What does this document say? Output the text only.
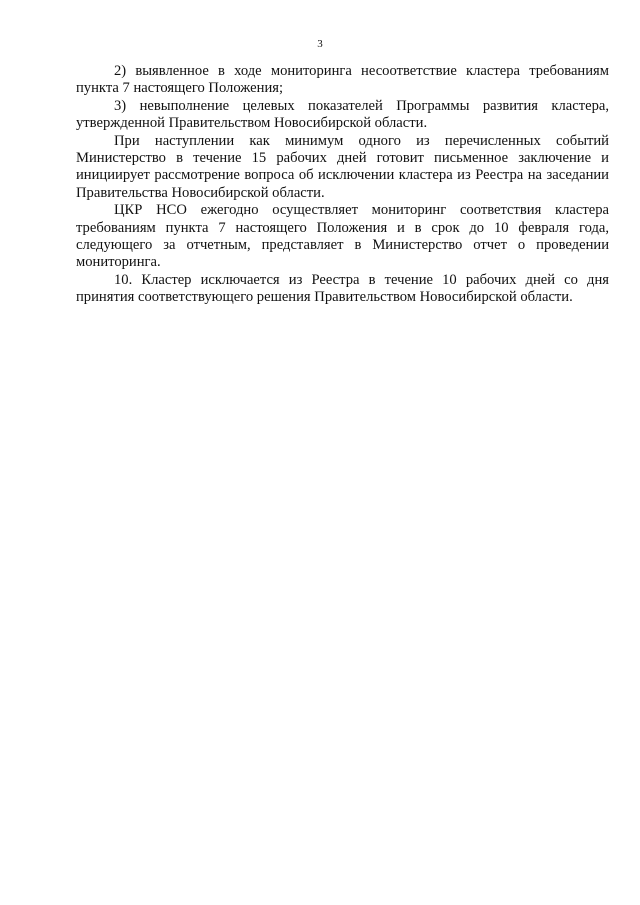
3

2) выявленное в ходе мониторинга несоответствие кластера требованиям пункта 7 настоящего Положения;

3) невыполнение целевых показателей Программы развития кластера, утвержденной Правительством Новосибирской области.

При наступлении как минимум одного из перечисленных событий Министерство в течение 15 рабочих дней готовит письменное заключение и инициирует рассмотрение вопроса об исключении кластера из Реестра на заседании Правительства Новосибирской области.

ЦКР НСО ежегодно осуществляет мониторинг соответствия кластера требованиям пункта 7 настоящего Положения и в срок до 10 февраля года, следующего за отчетным, представляет в Министерство отчет о проведении мониторинга.

10. Кластер исключается из Реестра в течение 10 рабочих дней со дня принятия соответствующего решения Правительством Новосибирской области.
